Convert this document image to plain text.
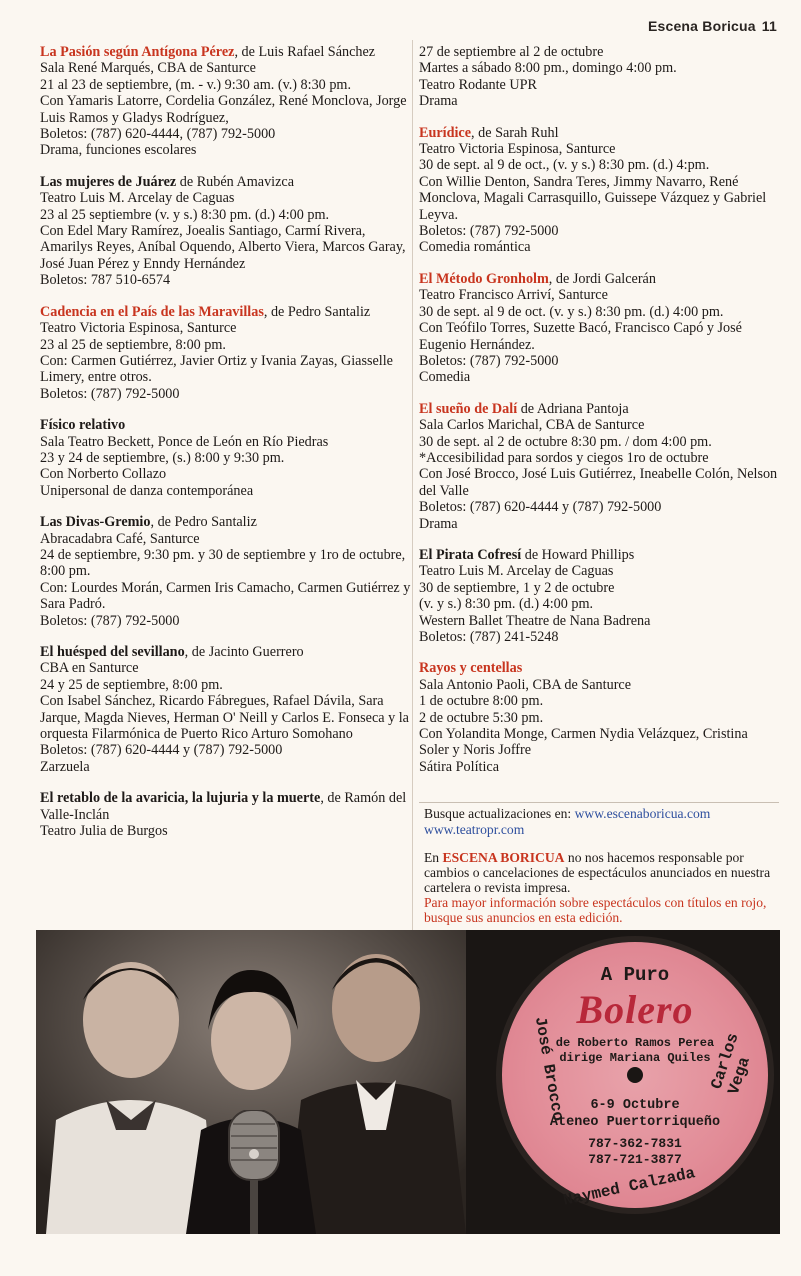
Escena Boricua 11
La Pasión según Antígona Pérez, de Luis Rafael Sánchez
Sala René Marqués, CBA de Santurce
21 al 23 de septiembre, (m. - v.) 9:30 am. (v.) 8:30 pm.
Con Yamaris Latorre, Cordelia González, René Monclova, Jorge Luis Ramos y Gladys Rodríguez,
Boletos: (787) 620-4444, (787) 792-5000
Drama, funciones escolares
Las mujeres de Juárez de Rubén Amavizca
Teatro Luis M. Arcelay de Caguas
23 al 25 septiembre (v. y s.) 8:30 pm. (d.) 4:00 pm.
Con Edel Mary Ramírez, Joealis Santiago, Carmí Rivera, Amarilys Reyes, Aníbal Oquendo, Alberto Viera, Marcos Garay, José Juan Pérez y Enndy Hernández
Boletos: 787 510-6574
Cadencia en el País de las Maravillas, de Pedro Santaliz
Teatro Victoria Espinosa, Santurce
23 al 25 de septiembre, 8:00 pm.
Con: Carmen Gutiérrez, Javier Ortiz y Ivania Zayas, Giasselle Limery, entre otros.
Boletos: (787) 792-5000
Físico relativo
Sala Teatro Beckett, Ponce de León en Río Piedras
23 y 24 de septiembre, (s.) 8:00 y 9:30 pm.
Con Norberto Collazo
Unipersonal de danza contemporánea
Las Divas-Gremio, de Pedro Santaliz
Abracadabra Café, Santurce
24 de septiembre, 9:30 pm. y 30 de septiembre y 1ro de octubre, 8:00 pm.
Con: Lourdes Morán, Carmen Iris Camacho, Carmen Gutiérrez y Sara Padró.
Boletos: (787) 792-5000
El huésped del sevillano, de Jacinto Guerrero
CBA en Santurce
24 y 25 de septiembre, 8:00 pm.
Con Isabel Sánchez, Ricardo Fábregues, Rafael Dávila, Sara Jarque, Magda Nieves, Herman O' Neill y Carlos E. Fonseca y la orquesta Filarmónica de Puerto Rico Arturo Somohano
Boletos: (787) 620-4444 y (787) 792-5000
Zarzuela
El retablo de la avaricia, la lujuria y la muerte, de Ramón del Valle-Inclán
Teatro Julia de Burgos
27 de septiembre al 2 de octubre
Martes a sábado 8:00 pm., domingo 4:00 pm.
Teatro Rodante UPR
Drama
Eurídice, de Sarah Ruhl
Teatro Victoria Espinosa, Santurce
30 de sept. al 9 de oct., (v. y s.) 8:30 pm. (d.) 4:pm.
Con Willie Denton, Sandra Teres, Jimmy Navarro, René Monclova, Magali Carrasquillo, Guissepe Vázquez y Gabriel Leyva.
Boletos: (787) 792-5000
Comedia romántica
El Método Gronholm, de Jordi Galcerán
Teatro Francisco Arriví, Santurce
30 de sept. al 9 de oct. (v. y s.) 8:30 pm. (d.) 4:00 pm.
Con Teófilo Torres, Suzette Bacó, Francisco Capó y José Eugenio Hernández.
Boletos: (787) 792-5000
Comedia
El sueño de Dalí de Adriana Pantoja
Sala Carlos Marichal, CBA de Santurce
30 de sept. al 2 de octubre 8:30 pm. / dom 4:00 pm.
*Accesibilidad para sordos y ciegos 1ro de octubre
Con José Brocco, José Luis Gutiérrez, Ineabelle Colón, Nelson del Valle
Boletos: (787) 620-4444 y (787) 792-5000
Drama
El Pirata Cofresí de Howard Phillips
Teatro Luis M. Arcelay de Caguas
30 de septiembre, 1 y 2 de octubre
(v. y s.) 8:30 pm. (d.) 4:00 pm.
Western Ballet Theatre de Nana Badrena
Boletos: (787) 241-5248
Rayos y centellas
Sala Antonio Paoli, CBA de Santurce
1 de octubre 8:00 pm.
2 de octubre 5:30 pm.
Con Yolandita Monge, Carmen Nydia Velázquez, Cristina Soler y Noris Joffre
Sátira Política
Busque actualizaciones en: www.escenaboricua.com
www.teatropr.com
En ESCENA BORICUA no nos hacemos responsable por cambios o cancelaciones de espectáculos anunciados en nuestra cartelera o revista impresa.
Para mayor información sobre espectáculos con títulos en rojo, busque sus anuncios en esta edición.
A Puro
Bolero
de Roberto Ramos Perea
dirige Mariana Quiles
6-9 Octubre
Ateneo Puertorriqueño
787-362-7831
787-721-3877
José Brocco	Carlos Vega
Naymed Calzada
